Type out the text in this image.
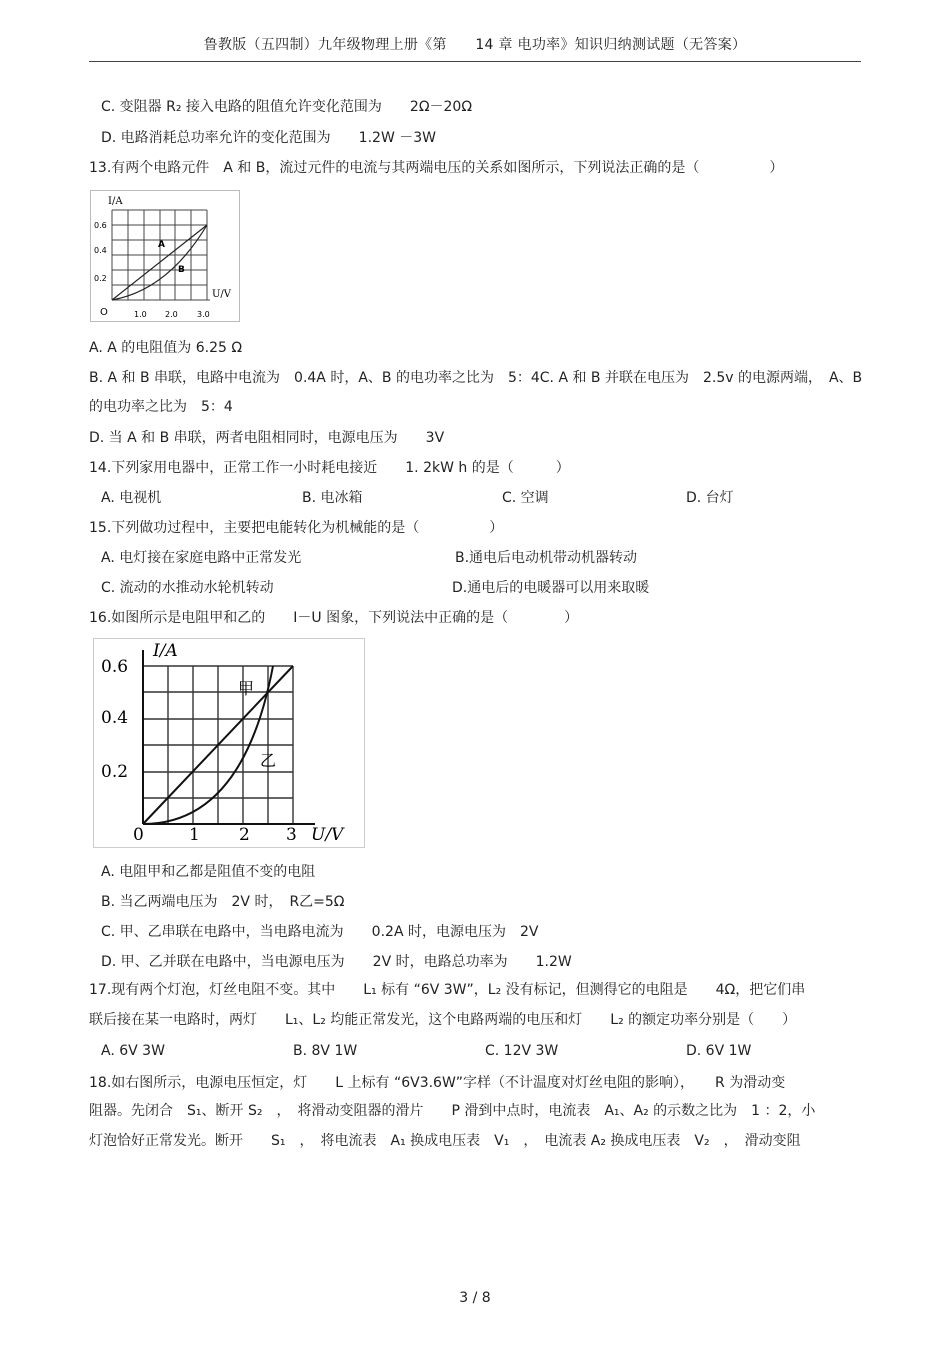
鲁教版（五四制）九年级物理上册《第　　14 章 电功率》知识归纳测试题（无答案）
C. 变阻器 R₂ 接入电路的阻值允许变化范围为　　2Ω－20Ω
D. 电路消耗总功率允许的变化范围为　　1.2W －3W
13.有两个电路元件　A 和 B，流过元件的电流与其两端电压的关系如图所示，下列说法正确的是（　　　　　）
I/A
U/V
0.6
0.4
0.2
O	1.0 2.0 3.0
A
B
A. A 的电阻值为 6.25 Ω
B. A 和 B 串联，电路中电流为　0.4A 时，A、B 的电功率之比为　5：4C. A 和 B 并联在电压为　2.5v 的电源两端，　A、B
的电功率之比为　5：4
D. 当 A 和 B 串联，两者电阻相同时，电源电压为　　3V
14.下列家用电器中，正常工作一小时耗电接近　　1. 2kW h 的是（　　　）
A. 电视机	B. 电冰箱	C. 空调	D. 台灯
15.下列做功过程中，主要把电能转化为机械能的是（　　　　　）
A. 电灯接在家庭电路中正常发光	B.通电后电动机带动机器转动
C. 流动的水推动水轮机转动	D.通电后的电暖器可以用来取暖
16.如图所示是电阻甲和乙的　　I－U 图象，下列说法中正确的是（　　　　）
I/A
U/V
0.6
0.4
0.2
0	1 2 3
甲
乙
A. 电阻甲和乙都是阻值不变的电阻
B. 当乙两端电压为　2V 时，　R乙=5Ω
C. 甲、乙串联在电路中，当电路电流为　　0.2A 时，电源电压为　2V
D. 甲、乙并联在电路中，当电源电压为　　2V 时，电路总功率为　　1.2W
17.现有两个灯泡，灯丝电阻不变。其中　　L₁ 标有 “6V 3W”，L₂ 没有标记，但测得它的电阻是　　4Ω，把它们串
联后接在某一电路时，两灯　　L₁、L₂ 均能正常发光，这个电路两端的电压和灯　　L₂ 的额定功率分别是（　　）
A. 6V 3W	B. 8V 1W	C. 12V 3W	D. 6V 1W
18.如右图所示，电源电压恒定，灯　　L 上标有 “6V3.6W”字样（不计温度对灯丝电阻的影响），　　R 为滑动变
阻器。先闭合　S₁、断开 S₂　，　将滑动变阻器的滑片　　P 滑到中点时，电流表　A₁、A₂ 的示数之比为　1 ：2，小
灯泡恰好正常发光。断开　　S₁　，　将电流表　A₁ 换成电压表　V₁　，　电流表 A₂ 换成电压表　V₂　，　滑动变阻
3 / 8
